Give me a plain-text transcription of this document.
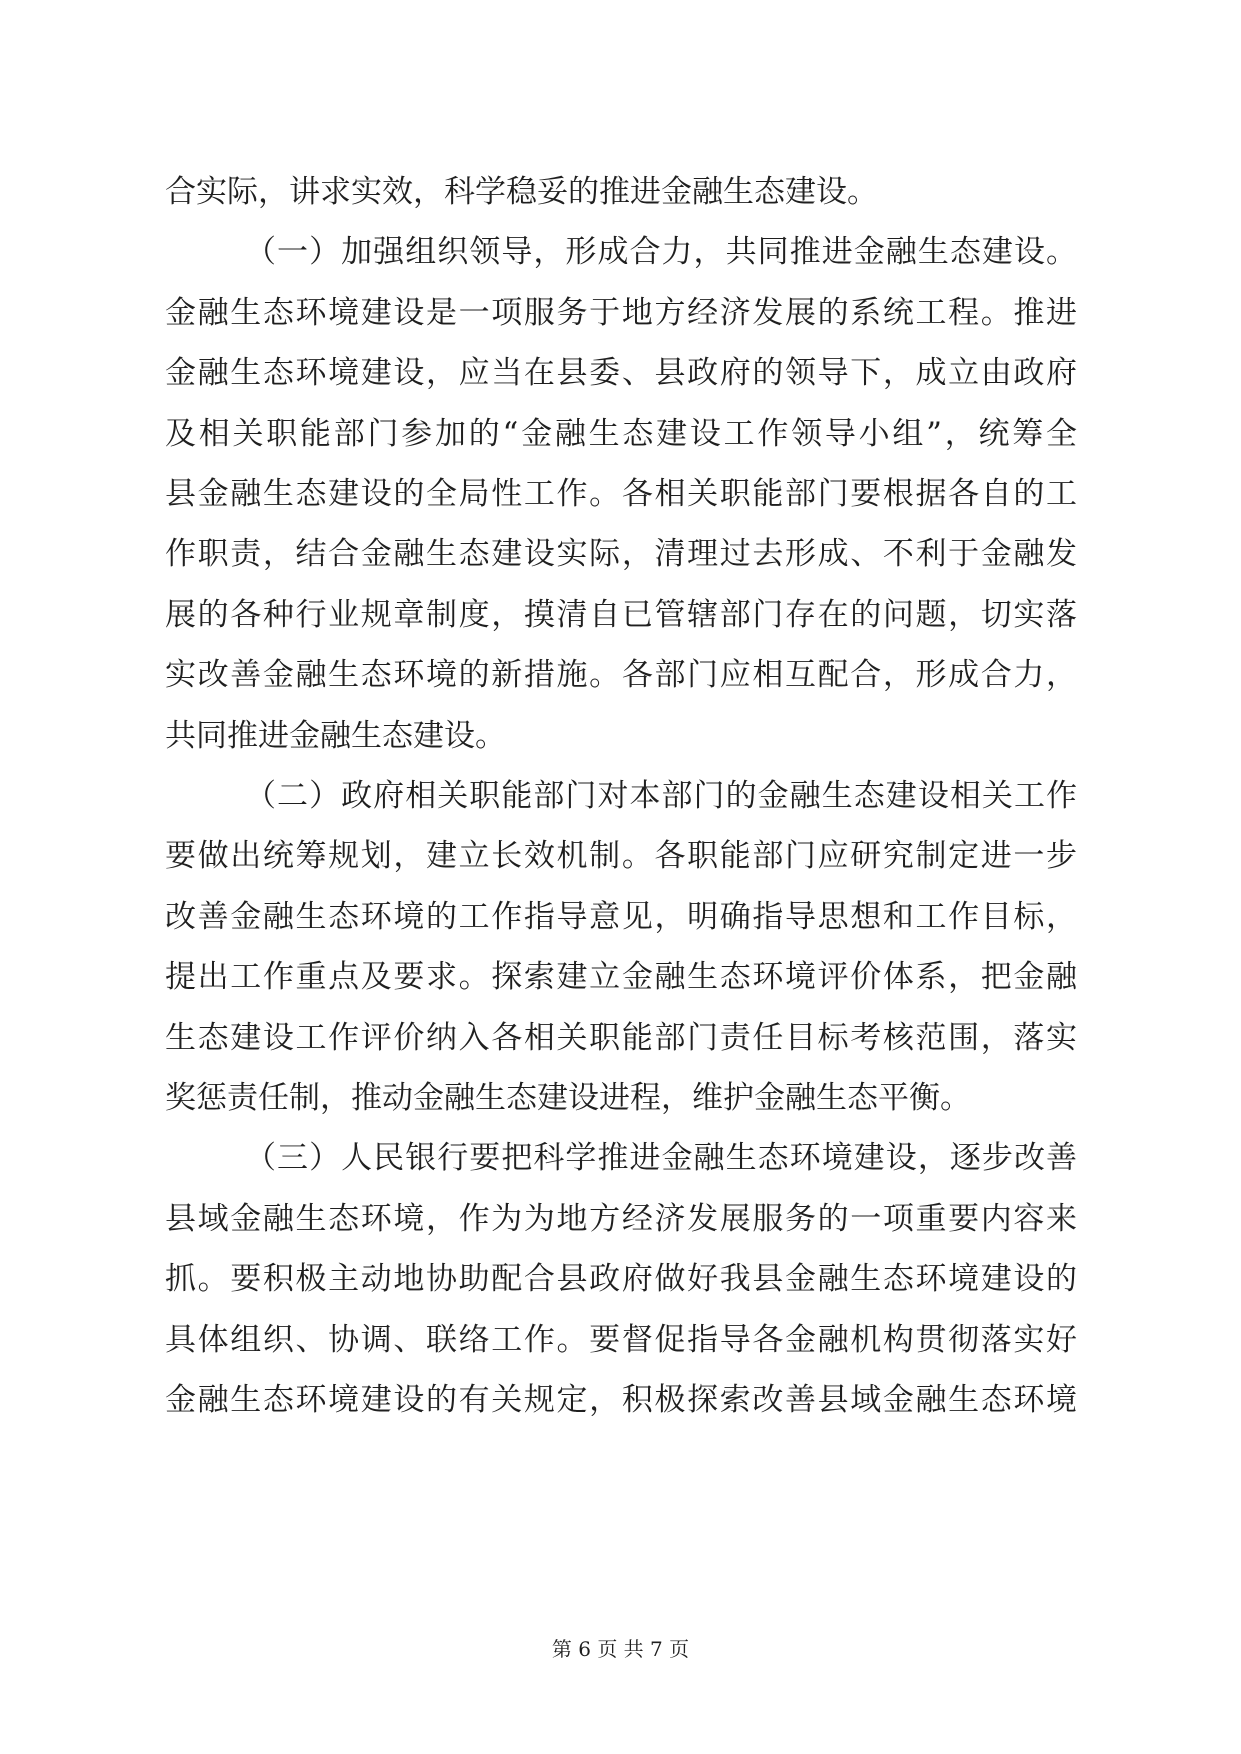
合实际，讲求实效，科学稳妥的推进金融生态建设。
（一）加强组织领导，形成合力，共同推进金融生态建设。
金融生态环境建设是一项服务于地方经济发展的系统工程。推进
金融生态环境建设，应当在县委、县政府的领导下，成立由政府
及相关职能部门参加的“金融生态建设工作领导小组”，统筹全
县金融生态建设的全局性工作。各相关职能部门要根据各自的工
作职责，结合金融生态建设实际，清理过去形成、不利于金融发
展的各种行业规章制度，摸清自已管辖部门存在的问题，切实落
实改善金融生态环境的新措施。各部门应相互配合，形成合力，
共同推进金融生态建设。
（二）政府相关职能部门对本部门的金融生态建设相关工作
要做出统筹规划，建立长效机制。各职能部门应研究制定进一步
改善金融生态环境的工作指导意见，明确指导思想和工作目标，
提出工作重点及要求。探索建立金融生态环境评价体系，把金融
生态建设工作评价纳入各相关职能部门责任目标考核范围，落实
奖惩责任制，推动金融生态建设进程，维护金融生态平衡。
（三）人民银行要把科学推进金融生态环境建设，逐步改善
县域金融生态环境，作为为地方经济发展服务的一项重要内容来
抓。要积极主动地协助配合县政府做好我县金融生态环境建设的
具体组织、协调、联络工作。要督促指导各金融机构贯彻落实好
金融生态环境建设的有关规定，积极探索改善县域金融生态环境
第 6 页 共 7 页
